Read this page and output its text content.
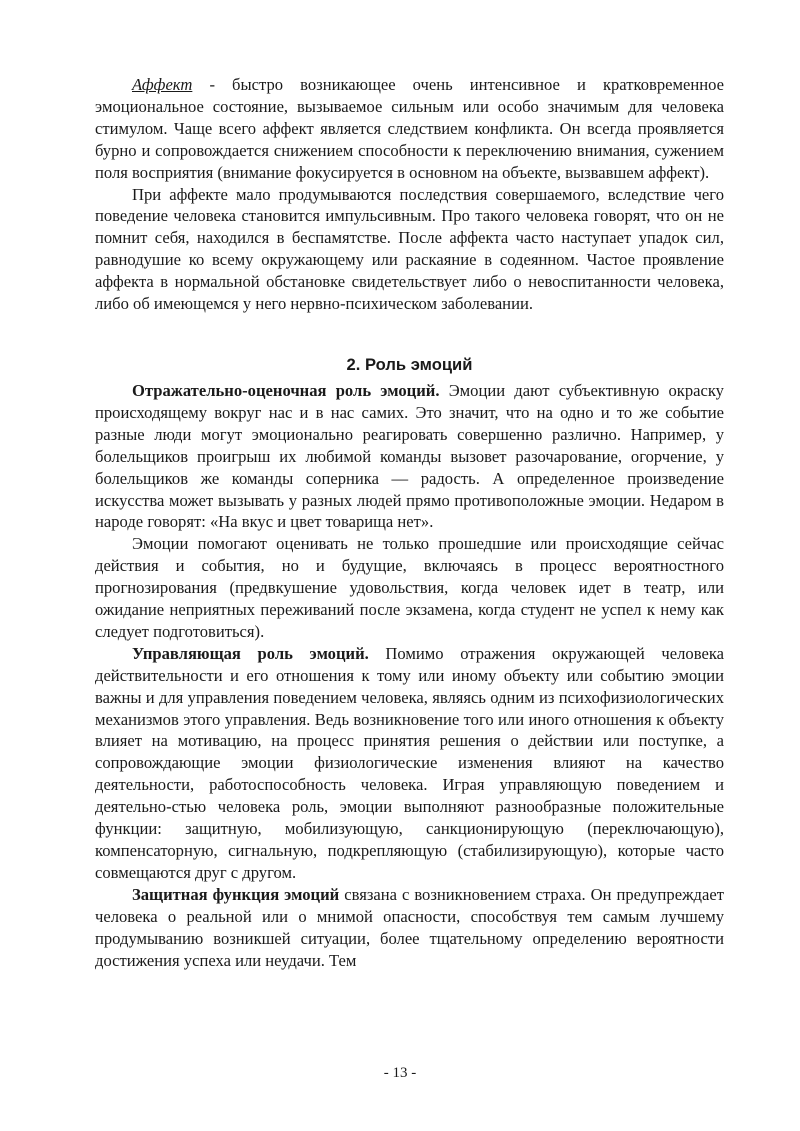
Аффект - быстро возникающее очень интенсивное и кратковременное эмоциональное состояние, вызываемое сильным или особо значимым для человека стимулом. Чаще всего аффект является следствием конфликта. Он всегда проявляется бурно и сопровождается снижением способности к переключению внимания, сужением поля восприятия (внимание фокусируется в основном на объекте, вызвавшем аффект).

При аффекте мало продумываются последствия совершаемого, вследствие чего поведение человека становится импульсивным. Про такого человека говорят, что он не помнит себя, находился в беспамятстве. После аффекта часто наступает упадок сил, равнодушие ко всему окружающему или раскаяние в содеянном. Частое проявление аффекта в нормальной обстановке свидетельствует либо о невоспитанности человека, либо об имеющемся у него нервно-психическом заболевании.

2. Роль эмоций

Отражательно-оценочная роль эмоций. Эмоции дают субъективную окраску происходящему вокруг нас и в нас самих. Это значит, что на одно и то же событие разные люди могут эмоционально реагировать совершенно различно. Например, у болельщиков проигрыш их любимой команды вызовет разочарование, огорчение, у болельщиков же команды соперника — радость. А определенное произведение искусства может вызывать у разных людей прямо противоположные эмоции. Недаром в народе говорят: «На вкус и цвет товарища нет».

Эмоции помогают оценивать не только прошедшие или происходящие сейчас действия и события, но и будущие, включаясь в процесс вероятностного прогнозирования (предвкушение удовольствия, когда человек идет в театр, или ожидание неприятных переживаний после экзамена, когда студент не успел к нему как следует подготовиться).

Управляющая роль эмоций. Помимо отражения окружающей человека действительности и его отношения к тому или иному объекту или событию эмоции важны и для управления поведением человека, являясь одним из психофизиологических механизмов этого управления. Ведь возникновение того или иного отношения к объекту влияет на мотивацию, на процесс принятия решения о действии или поступке, а сопровождающие эмоции физиологические изменения влияют на качество деятельности, работоспособность человека. Играя управляющую поведением и деятельно-стью человека роль, эмоции выполняют разнообразные положительные функции: защитную, мобилизующую, санкционирующую (переключающую), компенсаторную, сигнальную, подкрепляющую (стабилизирующую), которые часто совмещаются друг с другом.

Защитная функция эмоций связана с возникновением страха. Он предупреждает человека о реальной или о мнимой опасности, способствуя тем самым лучшему продумыванию возникшей ситуации, более тщательному определению вероятности достижения успеха или неудачи. Тем

- 13 -
